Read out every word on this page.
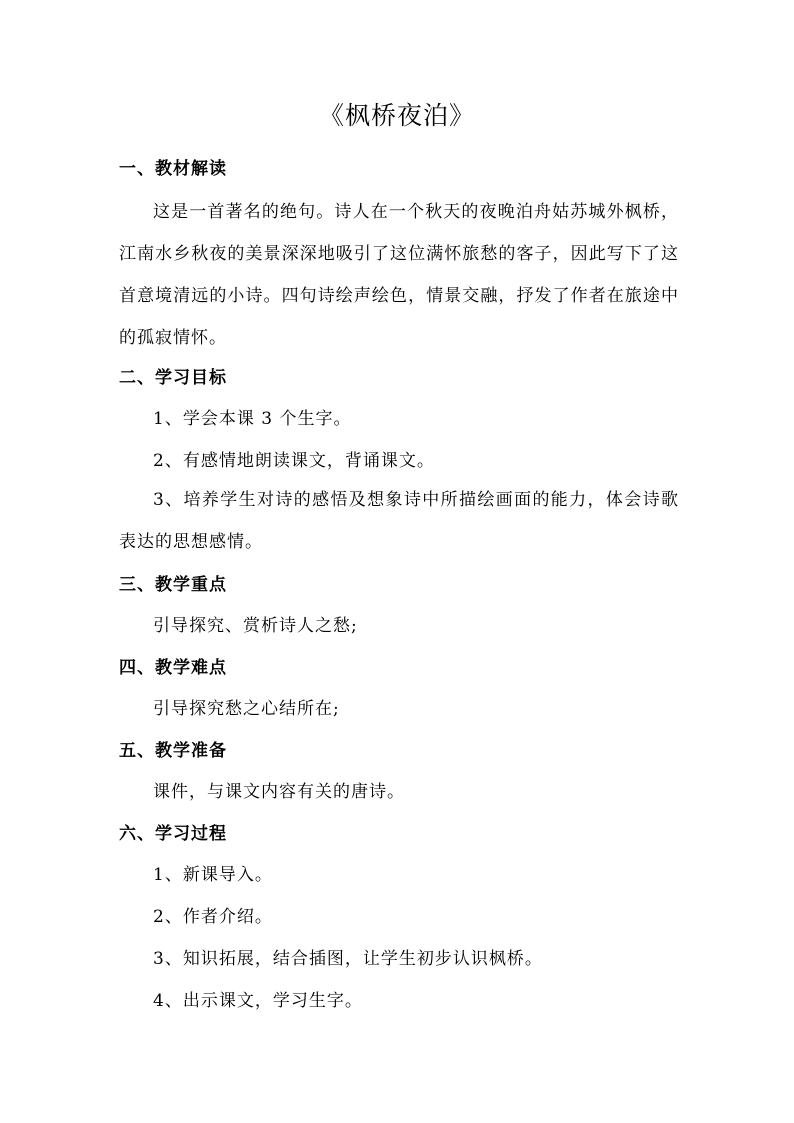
《枫桥夜泊》
一、教材解读
这是一首著名的绝句。诗人在一个秋天的夜晚泊舟姑苏城外枫桥，江南水乡秋夜的美景深深地吸引了这位满怀旅愁的客子，因此写下了这首意境清远的小诗。四句诗绘声绘色，情景交融，抒发了作者在旅途中的孤寂情怀。
二、学习目标
1、学会本课 3 个生字。
2、有感情地朗读课文，背诵课文。
3、培养学生对诗的感悟及想象诗中所描绘画面的能力，体会诗歌表达的思想感情。
三、教学重点
引导探究、赏析诗人之愁;
四、教学难点
引导探究愁之心结所在;
五、教学准备
课件，与课文内容有关的唐诗。
六、学习过程
1、新课导入。
2、作者介绍。
3、知识拓展，结合插图，让学生初步认识枫桥。
4、出示课文，学习生字。
